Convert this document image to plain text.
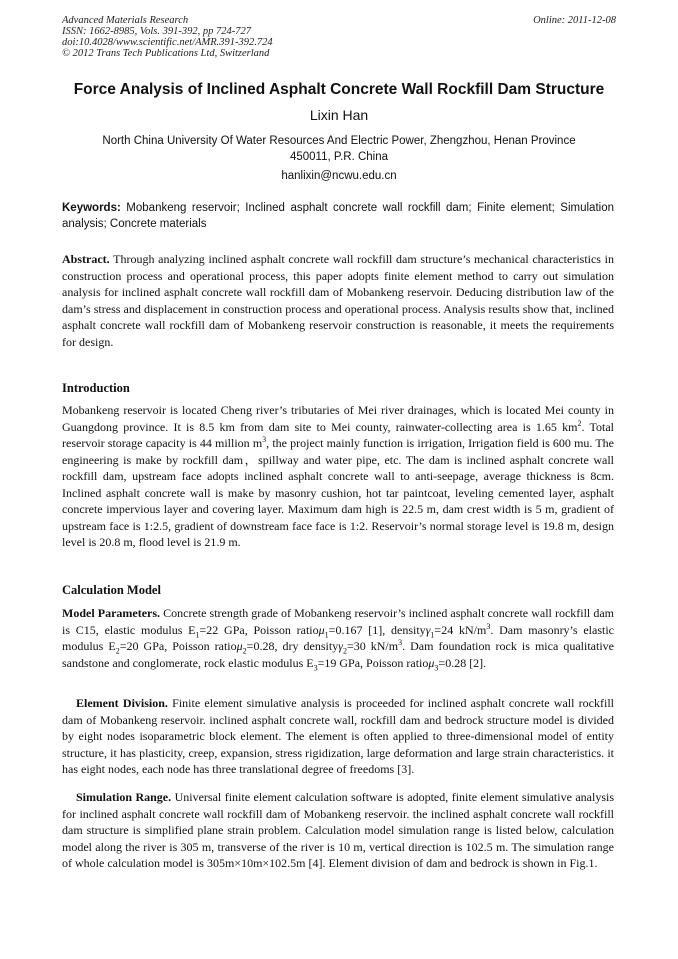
Advanced Materials Research
ISSN: 1662-8985, Vols. 391-392, pp 724-727
doi:10.4028/www.scientific.net/AMR.391-392.724
© 2012 Trans Tech Publications Ltd, Switzerland
Online: 2011-12-08
Force Analysis of Inclined Asphalt Concrete Wall Rockfill Dam Structure
Lixin Han
North China University Of Water Resources And Electric Power, Zhengzhou, Henan Province 450011, P.R. China
hanlixin@ncwu.edu.cn
Keywords: Mobankeng reservoir; Inclined asphalt concrete wall rockfill dam; Finite element; Simulation analysis; Concrete materials

Abstract. Through analyzing inclined asphalt concrete wall rockfill dam structure’s mechanical characteristics in construction process and operational process, this paper adopts finite element method to carry out simulation analysis for inclined asphalt concrete wall rockfill dam of Mobankeng reservoir. Deducing distribution law of the dam’s stress and displacement in construction process and operational process. Analysis results show that, inclined asphalt concrete wall rockfill dam of Mobankeng reservoir construction is reasonable, it meets the requirements for design.

Introduction

Mobankeng reservoir is located Cheng river’s tributaries of Mei river drainages, which is located Mei county in Guangdong province. It is 8.5 km from dam site to Mei county, rainwater-collecting area is 1.65 $km^2$. Total reservoir storage capacity is 44 million $m^3$, the project mainly function is irrigation, Irrigation field is 600 mu. The engineering is make by rockfill dam，spillway and water pipe, etc. The dam is inclined asphalt concrete wall rockfill dam, upstream face adopts inclined asphalt concrete wall to anti-seepage, average thickness is 8cm. Inclined asphalt concrete wall is make by masonry cushion, hot tar paintcoat, leveling cemented layer, asphalt concrete impervious layer and covering layer. Maximum dam high is 22.5 m, dam crest width is 5 m, gradient of upstream face is 1:2.5, gradient of downstream face face is 1:2. Reservoir’s normal storage level is 19.8 m, design level is 20.8 m, flood level is 21.9 m.

Calculation Model

Model Parameters. Concrete strength grade of Mobankeng reservoir’s inclined asphalt concrete wall rockfill dam is C15, elastic modulus $E_1=22$ GPa, Poisson ratioμ$_1$=0.167 [1], densityγ$_1$=24 $kN/m^3$. Dam masonry’s elastic modulus $E_2=20$ GPa, Poisson ratioμ$_2$=0.28, dry densityγ$_2$=30 $kN/m^3$. Dam foundation rock is mica qualitative sandstone and conglomerate, rock elastic modulus $E_3=19$ GPa, Poisson ratioμ$_3$=0.28 [2].

Element Division. Finite element simulative analysis is proceeded for inclined asphalt concrete wall rockfill dam of Mobankeng reservoir. inclined asphalt concrete wall, rockfill dam and bedrock structure model is divided by eight nodes isoparametric block element. The element is often applied to three-dimensional model of entity structure, it has plasticity, creep, expansion, stress rigidization, large deformation and large strain characteristics. it has eight nodes, each node has three translational degree of freedoms [3].

Simulation Range. Universal finite element calculation software is adopted, finite element simulative analysis for inclined asphalt concrete wall rockfill dam of Mobankeng reservoir. the inclined asphalt concrete wall rockfill dam structure is simplified plane strain problem. Calculation model simulation range is listed below, calculation model along the river is 305 m, transverse of the river is 10 m, vertical direction is 102.5 m. The simulation range of whole calculation model is 305m×10m×102.5m [4]. Element division of dam and bedrock is shown in Fig.1.
